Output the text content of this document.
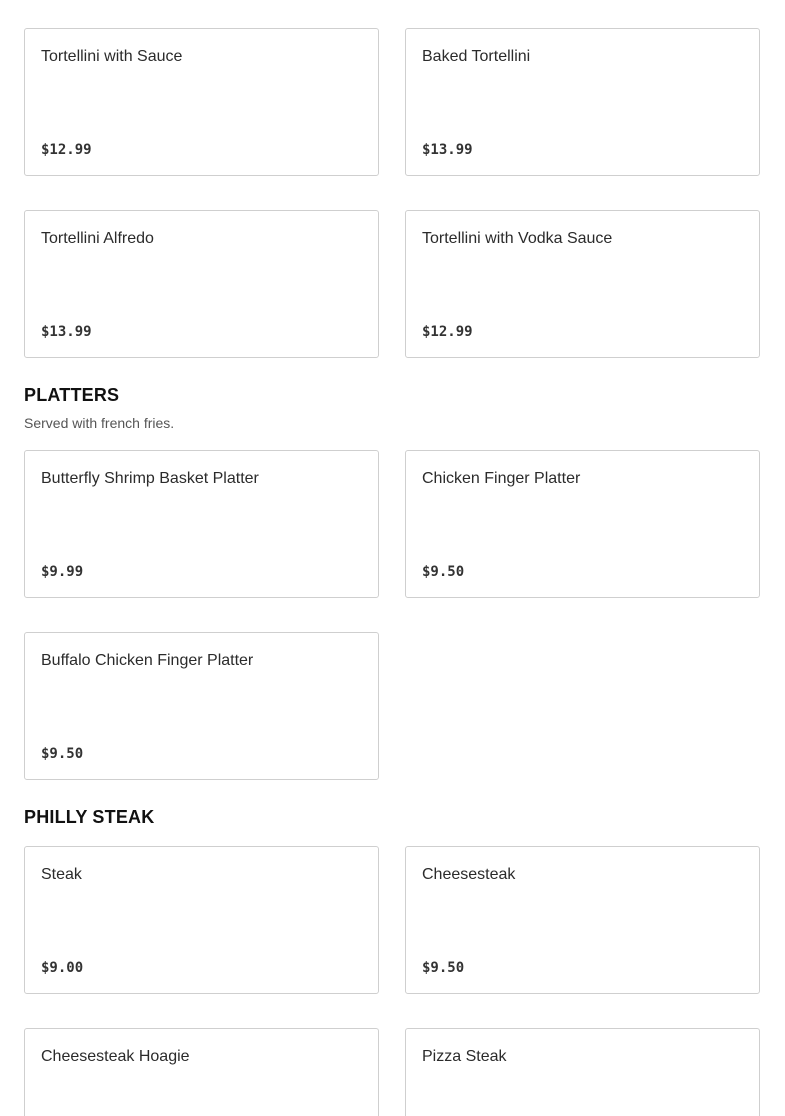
Tortellini with Sauce
$12.99
Baked Tortellini
$13.99
Tortellini Alfredo
$13.99
Tortellini with Vodka Sauce
$12.99
PLATTERS
Served with french fries.
Butterfly Shrimp Basket Platter
$9.99
Chicken Finger Platter
$9.50
Buffalo Chicken Finger Platter
$9.50
PHILLY STEAK
Steak
$9.00
Cheesesteak
$9.50
Cheesesteak Hoagie	Pizza Steak
